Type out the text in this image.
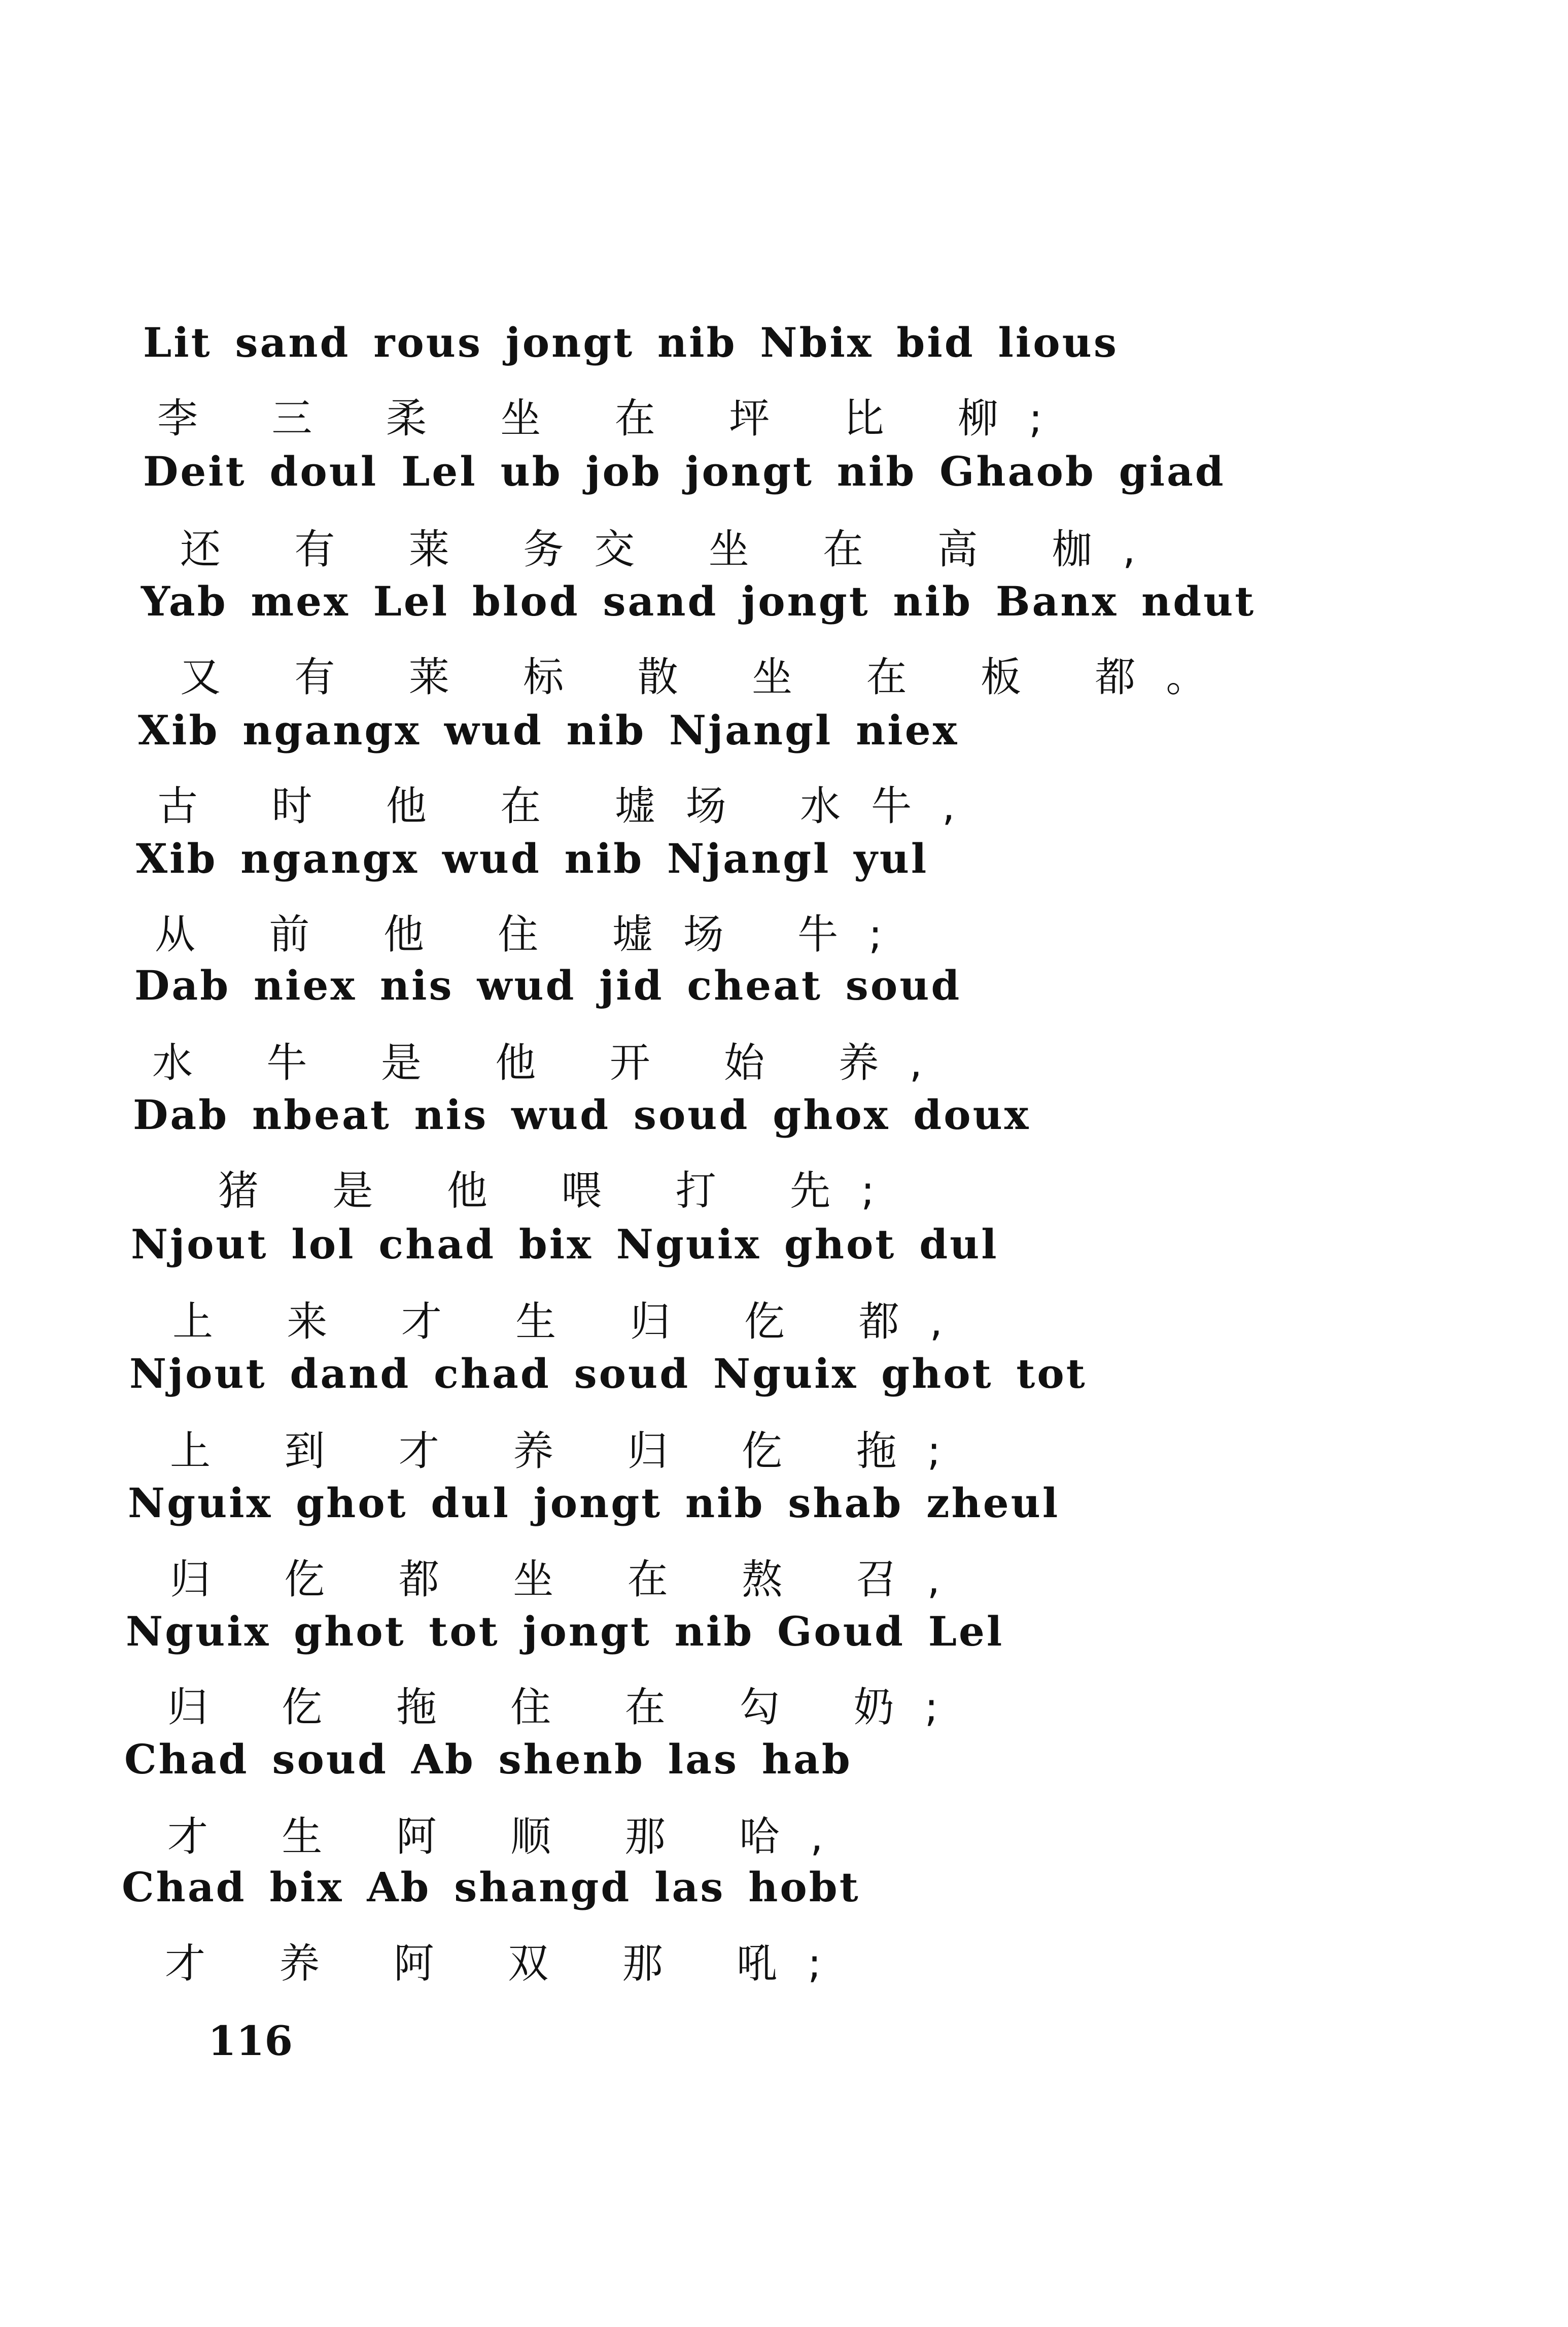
Lit sand rous jongt nib Nbix bid lious
李 三 柔 坐 在 坪 比 柳;
Deit doul Lel ub job jongt nib Ghaob giad
还 有 莱 务交 坐 在 高 枷,
Yab mex Lel blod sand jongt nib Banx ndut
又 有 莱 标 散 坐 在 板 都。
Xib ngangx wud nib Njangl niex
古 时 他 在 墟场 水牛,
Xib ngangx wud nib Njangl yul
从 前 他 住 墟场 牛;
Dab niex nis wud jid cheat soud
水 牛 是 他 开 始 养,
Dab nbeat nis wud soud ghox doux
猪 是 他 喂 打 先;
Njout lol chad bix Nguix ghot dul
上 来 才 生 归 仡 都,
Njout dand chad soud Nguix ghot tot
上 到 才 养 归 仡 拖;
Nguix ghot dul jongt nib shab zheul
归 仡 都 坐 在 熬 召,
Nguix ghot tot jongt nib Goud Lel
归 仡 拖 住 在 勾 奶;
Chad soud Ab shenb las hab
才 生 阿 顺 那 哈,
Chad bix Ab shangd las hobt
才 养 阿 双 那 吼;
116
